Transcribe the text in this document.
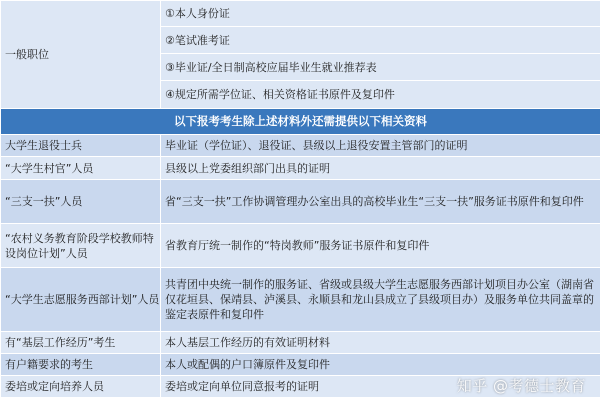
一般职位	①本人身份证
	②笔试准考证
	③毕业证/全日制高校应届毕业生就业推荐表
	④规定所需学位证、相关资格证书原件及复印件
以下报考考生除上述材料外还需提供以下相关资料	
大学生退役士兵	毕业证（学位证）、退役证、县级以上退役安置主管部门的证明
“大学生村官”人员	县级以上党委组织部门出具的证明
“三支一扶”人员	省“三支一扶”工作协调管理办公室出具的高校毕业生“三支一扶”服务证书原件和复印件
“农村义务教育阶段学校教师特设岗位计划”人员	省教育厅统一制作的“特岗教师”服务证书原件和复印件
“大学生志愿服务西部计划”人员	共青团中央统一制作的服务证、省级或县级大学生志愿服务西部计划项目办公室（湖南省仅花垣县、保靖县、泸溪县、永顺县和龙山县成立了县级项目办）及服务单位共同盖章的鉴定表原件和复印件
有“基层工作经历”考生	本人基层工作经历的有效证明材料
有户籍要求的考生	本人或配偶的户口簿原件及复印件
委培或定向培养人员	委培或定向单位同意报考的证明	知乎 @考德士教育
